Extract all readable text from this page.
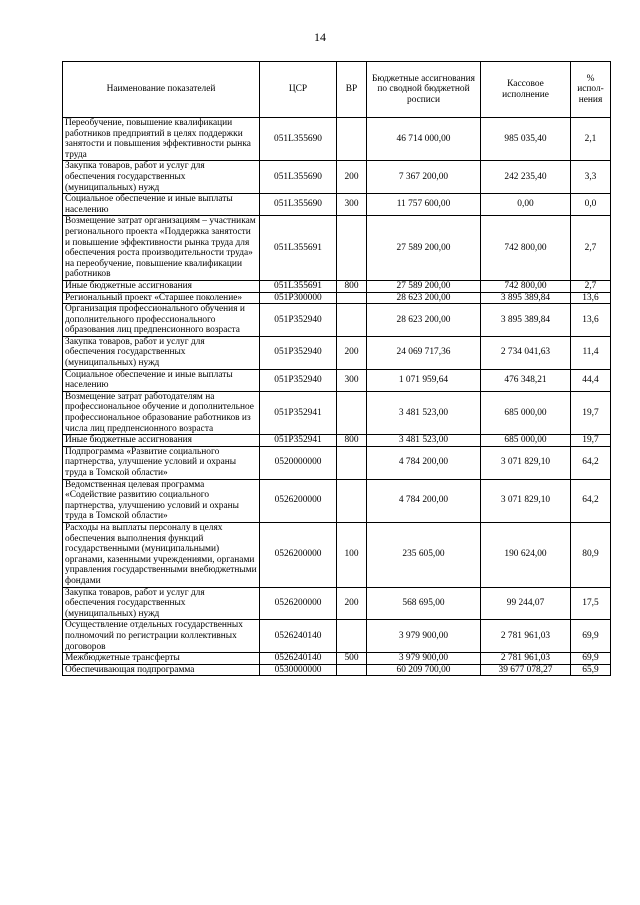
14
Наименование показателей	ЦСР	ВР	Бюджетные ассигнования по сводной бюджетной росписи	Кассовое исполнение	% испол-нения
Переобучение, повышение квалификации работников предприятий в целях поддержки занятости и повышения эффективности рынка труда	051L355690		46 714 000,00	985 035,40	2,1
Закупка товаров, работ и услуг для обеспечения государственных (муниципальных) нужд	051L355690	200	7 367 200,00	242 235,40	3,3
Социальное обеспечение и иные выплаты населению	051L355690	300	11 757 600,00	0,00	0,0
Возмещение затрат организациям – участникам регионального проекта «Поддержка занятости и повышение эффективности рынка труда для обеспечения роста производительности труда» на переобучение, повышение квалификации работников	051L355691		27 589 200,00	742 800,00	2,7
Иные бюджетные ассигнования	051L355691	800	27 589 200,00	742 800,00	2,7
Региональный проект «Старшее поколение»	051P300000		28 623 200,00	3 895 389,84	13,6
Организация профессионального обучения и дополнительного профессионального образования лиц предпенсионного возраста	051P352940		28 623 200,00	3 895 389,84	13,6
Закупка товаров, работ и услуг для обеспечения государственных (муниципальных) нужд	051P352940	200	24 069 717,36	2 734 041,63	11,4
Социальное обеспечение и иные выплаты населению	051P352940	300	1 071 959,64	476 348,21	44,4
Возмещение затрат работодателям на профессиональное обучение и дополнительное профессиональное образование работников из числа лиц предпенсионного возраста	051P352941		3 481 523,00	685 000,00	19,7
Иные бюджетные ассигнования	051P352941	800	3 481 523,00	685 000,00	19,7
Подпрограмма «Развитие социального партнерства, улучшение условий и охраны труда в Томской области»	0520000000		4 784 200,00	3 071 829,10	64,2
Ведомственная целевая программа «Содействие развитию социального партнерства, улучшению условий и охраны труда в Томской области»	0526200000		4 784 200,00	3 071 829,10	64,2
Расходы на выплаты персоналу в целях обеспечения выполнения функций государственными (муниципальными) органами, казенными учреждениями, органами управления государственными внебюджетными фондами	0526200000	100	235 605,00	190 624,00	80,9
Закупка товаров, работ и услуг для обеспечения государственных (муниципальных) нужд	0526200000	200	568 695,00	99 244,07	17,5
Осуществление отдельных государственных полномочий по регистрации коллективных договоров	0526240140		3 979 900,00	2 781 961,03	69,9
Межбюджетные трансферты	0526240140	500	3 979 900,00	2 781 961,03	69,9
Обеспечивающая подпрограмма	0530000000		60 209 700,00	39 677 078,27	65,9
